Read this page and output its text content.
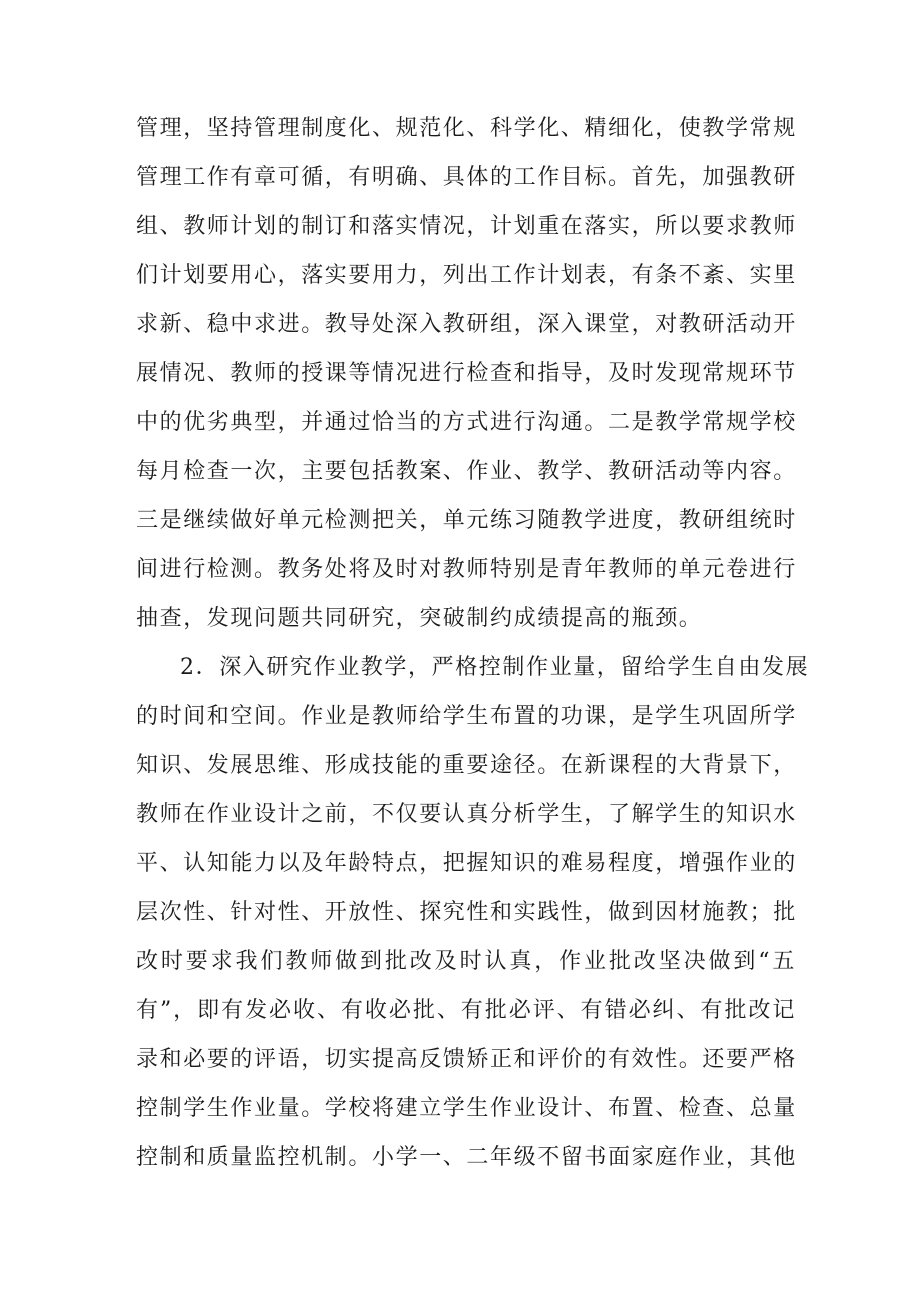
管理，坚持管理制度化、规范化、科学化、精细化，使教学常规
管理工作有章可循，有明确、具体的工作目标。首先，加强教研
组、教师计划的制订和落实情况，计划重在落实，所以要求教师
们计划要用心，落实要用力，列出工作计划表，有条不紊、实里
求新、稳中求进。教导处深入教研组，深入课堂，对教研活动开
展情况、教师的授课等情况进行检查和指导，及时发现常规环节
中的优劣典型，并通过恰当的方式进行沟通。二是教学常规学校
每月检查一次，主要包括教案、作业、教学、教研活动等内容。
三是继续做好单元检测把关，单元练习随教学进度，教研组统时
间进行检测。教务处将及时对教师特别是青年教师的单元卷进行
抽查，发现问题共同研究，突破制约成绩提高的瓶颈。
2．深入研究作业教学，严格控制作业量，留给学生自由发展
的时间和空间。作业是教师给学生布置的功课，是学生巩固所学
知识、发展思维、形成技能的重要途径。在新课程的大背景下，
教师在作业设计之前，不仅要认真分析学生，了解学生的知识水
平、认知能力以及年龄特点，把握知识的难易程度，增强作业的
层次性、针对性、开放性、探究性和实践性，做到因材施教；批
改时要求我们教师做到批改及时认真，作业批改坚决做到“五
有”，即有发必收、有收必批、有批必评、有错必纠、有批改记
录和必要的评语，切实提高反馈矫正和评价的有效性。还要严格
控制学生作业量。学校将建立学生作业设计、布置、检查、总量
控制和质量监控机制。小学一、二年级不留书面家庭作业，其他
